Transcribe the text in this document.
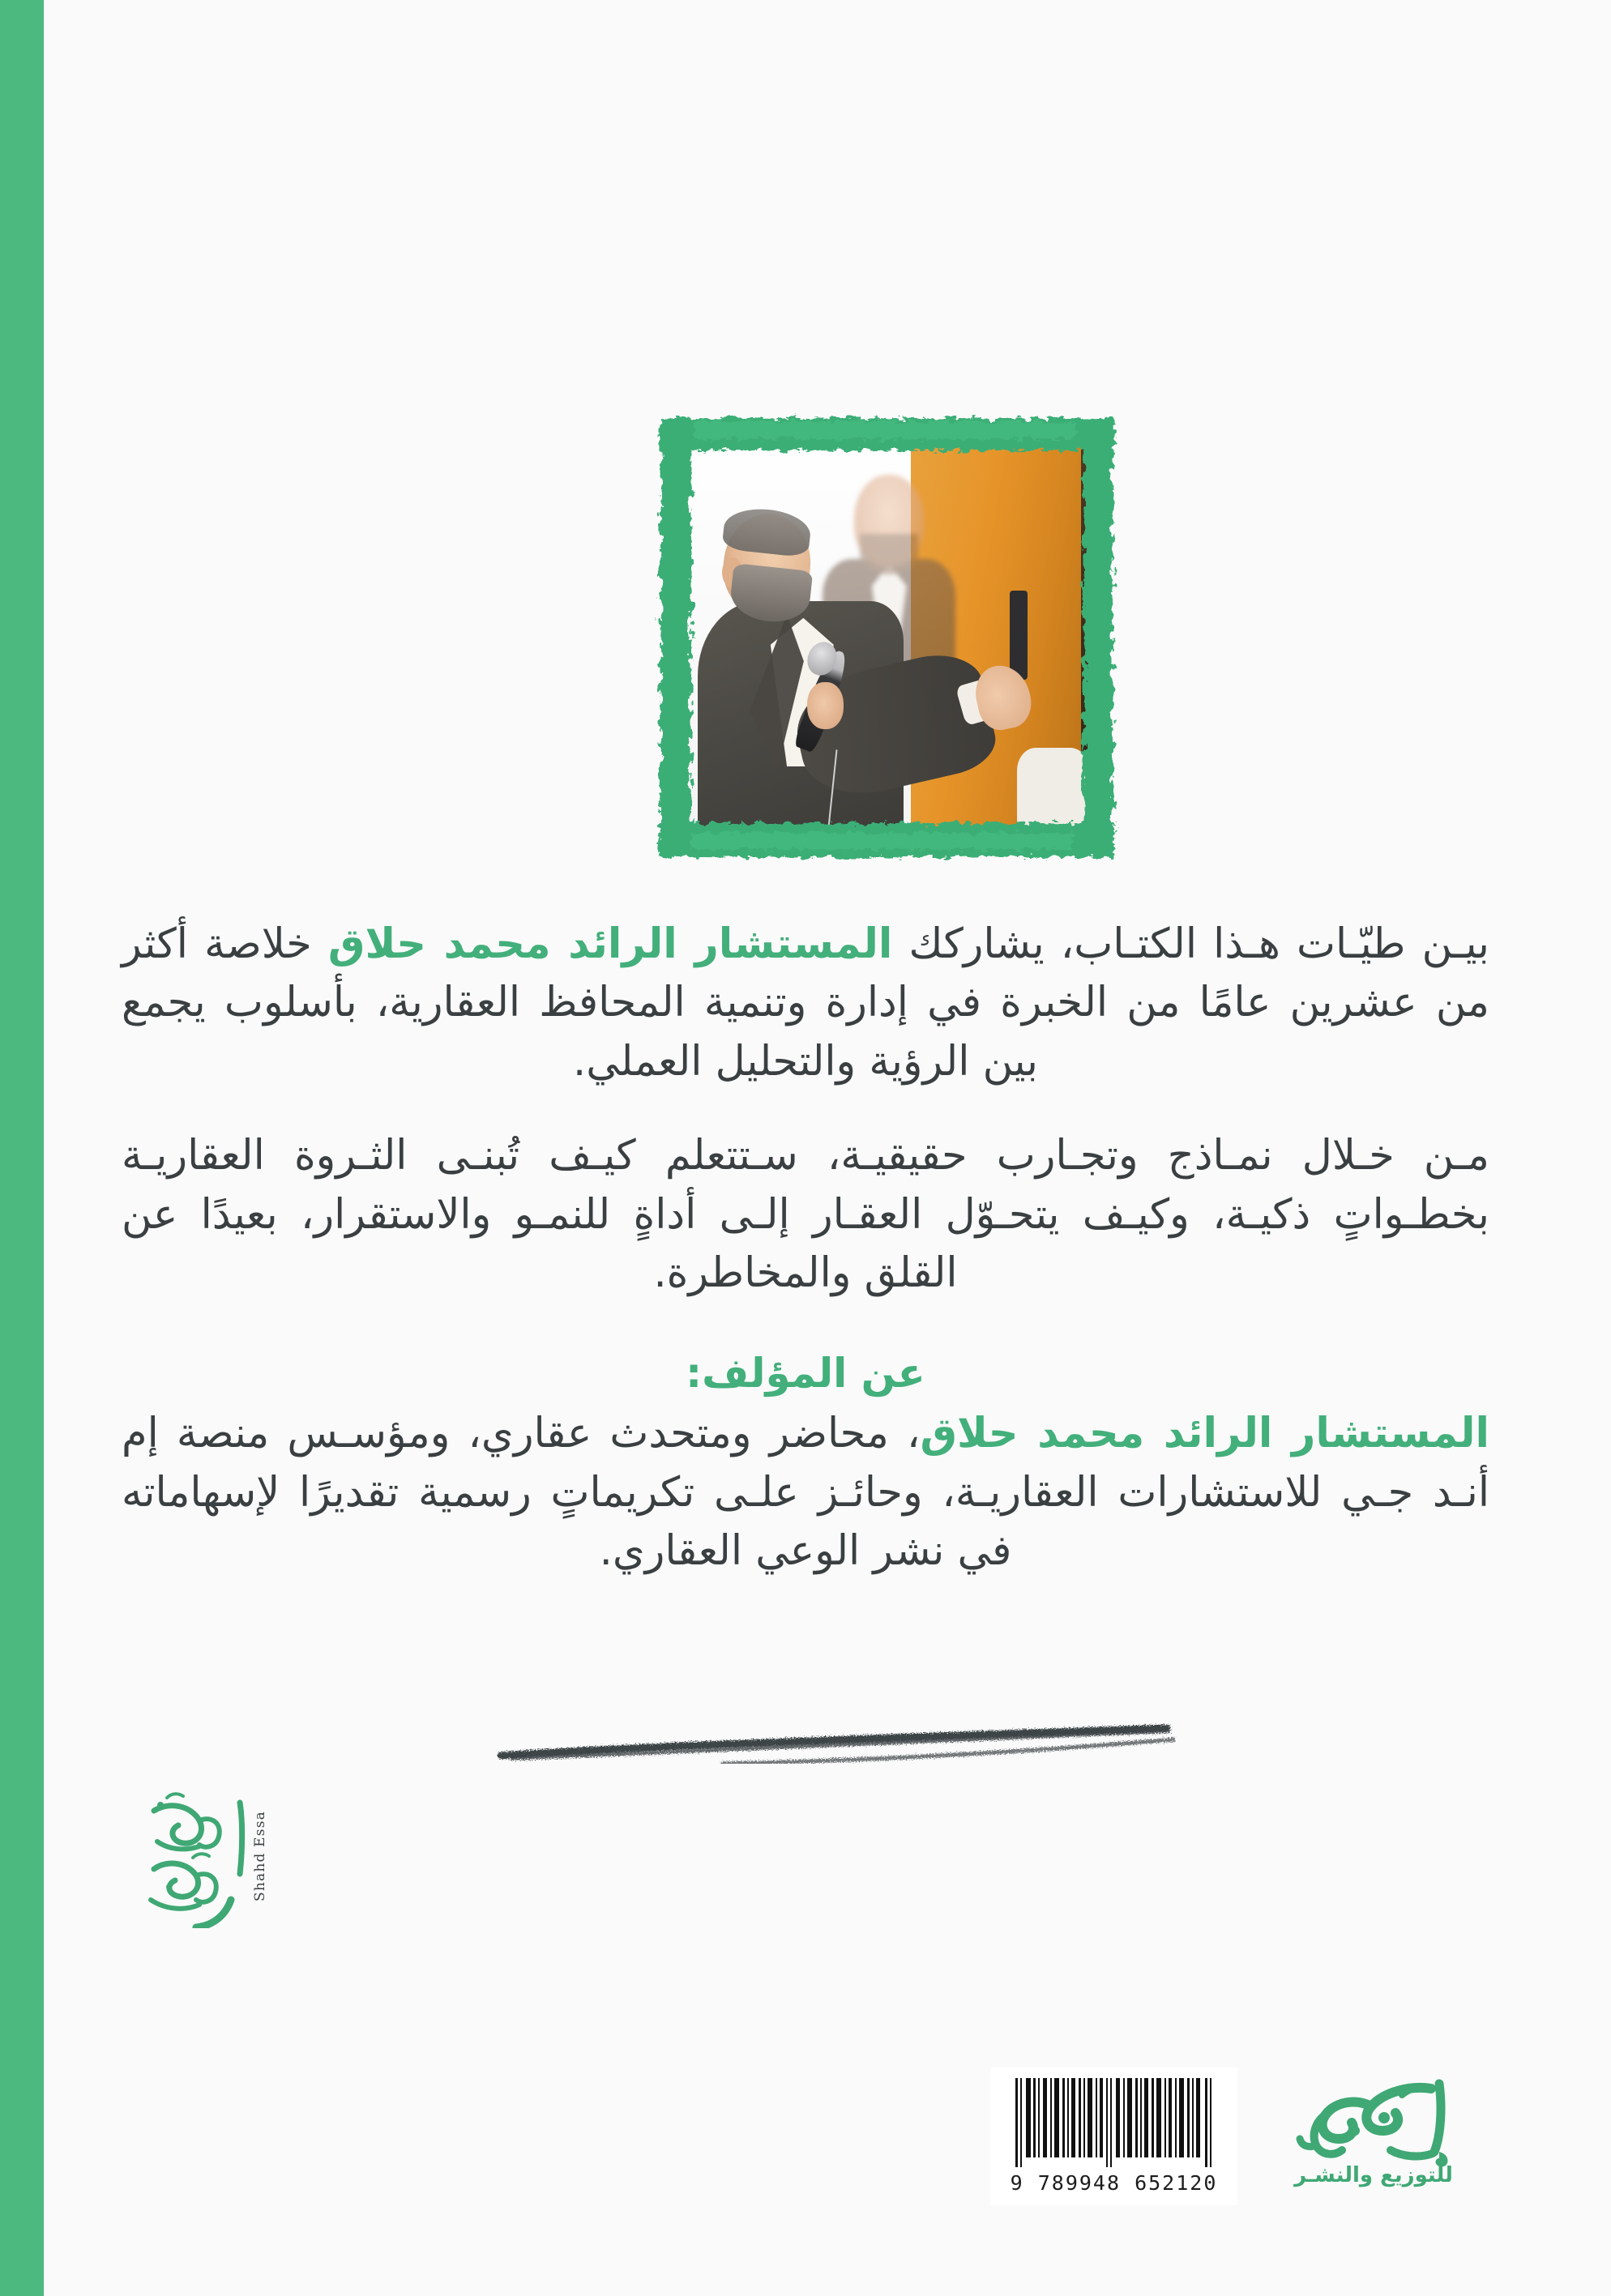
بيـن طيّـات هـذا الكتـاب، يشاركك المستشار الرائد محمد حلاق خلاصة أكثر من عشرين عامًا من الخبرة في إدارة وتنمية المحافظ العقارية، بأسلوب يجمع بين الرؤية والتحليل العملي.

مـن خـلال نمـاذج وتجـارب حقيقيـة، سـتتعلم كيـف تُبنـى الثـروة العقاريـة بخطـواتٍ ذكيـة، وكيـف يتحـوّل العقـار إلـى أداةٍ للنمـو والاستقرار، بعيدًا عن القلق والمخاطرة.

عن المؤلف:

المستشار الرائد محمد حلاق، محاضر ومتحدث عقاري، ومؤسـس منصة إم أنـد جـي للاستشارات العقاريـة، وحائـز علـى تكريماتٍ رسمية تقديرًا لإسهاماته في نشر الوعي العقاري.

Shahd Essa
9 789948 652120	للتوزيع والنشـر
